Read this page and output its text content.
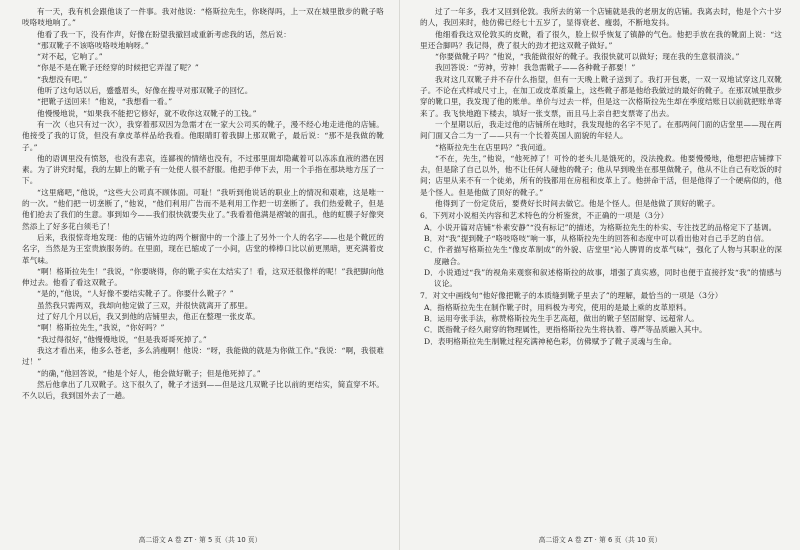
有一天，我有机会跟他谈了一件事。我对他说：“格斯拉先生，你晓得吗，上一双在城里散步的靴子咯吱咯吱地响了。”

他看了我一下，没有作声，好像在盼望我撤回或重新考虑我的话，然后说：

“那双靴子不该咯吱咯吱地响呀。”

“对不起，它响了。”

“你是不是在靴子还经穿的时候把它弄湿了呢？”

“我想没有吧。”

他听了这句话以后，蹙蹙眉头，好像在搜寻对那双靴子的回忆。

“把靴子送回来！”他说，“我想看一看。”

他慢慢地说，“如果我不能把它修好，就不收你这双靴子的工钱。”

有一次（也只有过一次），我穿着那双因为急需才在一家大公司买的靴子，漫不经心地走进他的店铺。他接受了我的订货，但没有拿皮革样品给我看。他眼睛盯着我脚上那双靴子，最后说：“那不是我做的靴子。”

他的语调里没有愤怒，也没有悲哀，连鄙视的情绪也没有，不过那里面却隐藏着可以冻冻血液的潜在因素。为了讲究时髦，我的左脚上的靴子有一处使人很不舒服。他把手伸下去，用一个手指在那块地方压了一下。

“这里痛吧，”他说，“这些大公司真不顾体面。可耻！”我听到他说话的职业上的情况和艰难，这是唯一的一次。“他们把一切垄断了，”他说，“他们利用广告而不是利用工作把一切垄断了。我们热爱靴子，但是他们抢去了我们的生意。事到如今——我们很快就要失业了。”我看着他满是褶皱的面孔，他的虹膜子好像突然添上了好多花白须毛了！

后来，我很惊奇地发现：他的店铺外边的两个橱窗中的一个漆上了另外一个人的名字——也是个靴匠的名字，当然是为王室贵族服务的。在里面，现在已缩成了一小间，店堂的棒棒口比以前更黑暗，更充满着皮革气味。

“啊！格斯拉先生！”我说，“你要晓得，你的靴子实在太结实了！看，这双还很像样的呢！”我把脚向他伸过去。他看了看这双靴子。

“是的，”他说，“人好像不要结实靴子了。你要什么靴子？”

虽然我只需两双，我却向他定做了三双，并很快就离开了那里。

过了好几个月以后，我又到他的店铺里去，他正在整理一张皮革。

“啊！格斯拉先生，”我说，“你好吗？”

“我过得很好，”他慢慢地说，“但是我哥哥死掉了。”

我这才看出来，他多么苍老，多么消瘦啊！他说：“呀，我能做的就是为你做工作。”我说：“啊，我很难过！”

“的确，”他回答说，“他是个好人，他会做好靴子；但是他死掉了。”

然后他拿出了几双靴子。这下很久了，靴子才送到——但是这几双靴子比以前的更结实，简直穿不坏。不久以后，我到国外去了一趟。

高二语文 A 卷 ZT · 第 5 页（共 10 页）

过了一年多，我才又回到伦敦。我所去的第一个店铺就是我的老朋友的店铺。我离去时，他是个六十岁的人，我回来时，他仿佛已经七十五岁了，显得衰老、瘦弱，不断地发抖。

他细看我这双伦敦买的皮靴，看了很久，脸上似乎恢复了镇静的气色。他把手放在我的靴面上说：“这里还合脚吗？我记得，费了很大的劲才把这双靴子做好。”

“你要做靴子吗？”他说，“我能做很好的靴子。我很快就可以做好；现在我的生意很清淡。”

我回答说：“劳神，劳神！我急需靴子——各种靴子都要！”

我对这几双靴子并不存什么指望，但有一天晚上靴子送到了。我打开包裹，一双一双地试穿这几双靴子。不论在式样或尺寸上，在加工或皮革质量上，这些靴子都是他给我做过的最好的靴子。在那双城里散步穿的靴口里，我发现了他的账单。单价与过去一样，但是这一次格斯拉先生却在季度结账日以前就把账单寄来了。我飞快地跑下楼去，填好一张支票，而且马上亲自把支票寄了出去。

一个星期以后，我走过他的店铺所在地时，我发现他的名字不见了。在那两间门面的店堂里——现在两间门面又合二为一了——只有一个长着英国人面貌的年轻人。

“格斯拉先生在店里吗？”我问道。

“不在，先生，”他说，“他死掉了！可怜的老头儿是饿死的，没法挽救。他要慢慢地，他想把店铺撑下去，但是除了自己以外，他不让任何人碰他的靴子；他从早到晚坐在那里做靴子，他从不让自己有吃饭的时间；店里从来不有一个徒弟，所有的钱都用在房租和皮革上了。他拼命干活，但是他得了一个硬病似的，他是个怪人。但是他做了顶好的靴子。”

他得到了一份定货后，要费好长时间去做它。他是个怪人。但是他做了顶好的靴子。

6．下列对小说相关内容和艺术特色的分析鉴赏，不正确的一项是（3分）

A．小说开篇对店铺“朴素安静”“没有标记”的描述，为格斯拉先生的朴实、专注技艺的品格定下了基调。

B．对“我”提到靴子“咯吱咯吱”响一事，从格斯拉先生的回答和态度中可以看出他对自己手艺的自信。

C．作者描写格斯拉先生“像皮革制成”的外貌、店堂里“沁人脾胃的皮革气味”，强化了人物与其职业的深度融合。

D．小说通过“我”的视角来观察和叙述格斯拉的故事，增强了真实感，同时也便于直接抒发“我”的情感与议论。

7．对文中画线句“他好像把靴子的本质缝到靴子里去了”的理解，最恰当的一项是（3分）

A．指格斯拉先生在制作靴子时，用料极为考究，使用的是最上乘的皮革原料。

B．运用夸张手法，称赞格斯拉先生手艺高超，做出的靴子坚固耐穿、远超常人。

C．既指靴子经久耐穿的物理属性，更指格斯拉先生将执着、尊严等品质融入其中。

D．表明格斯拉先生制靴过程充满神秘色彩，仿佛赋予了靴子灵魂与生命。

高二语文 A 卷 ZT · 第 6 页（共 10 页）
